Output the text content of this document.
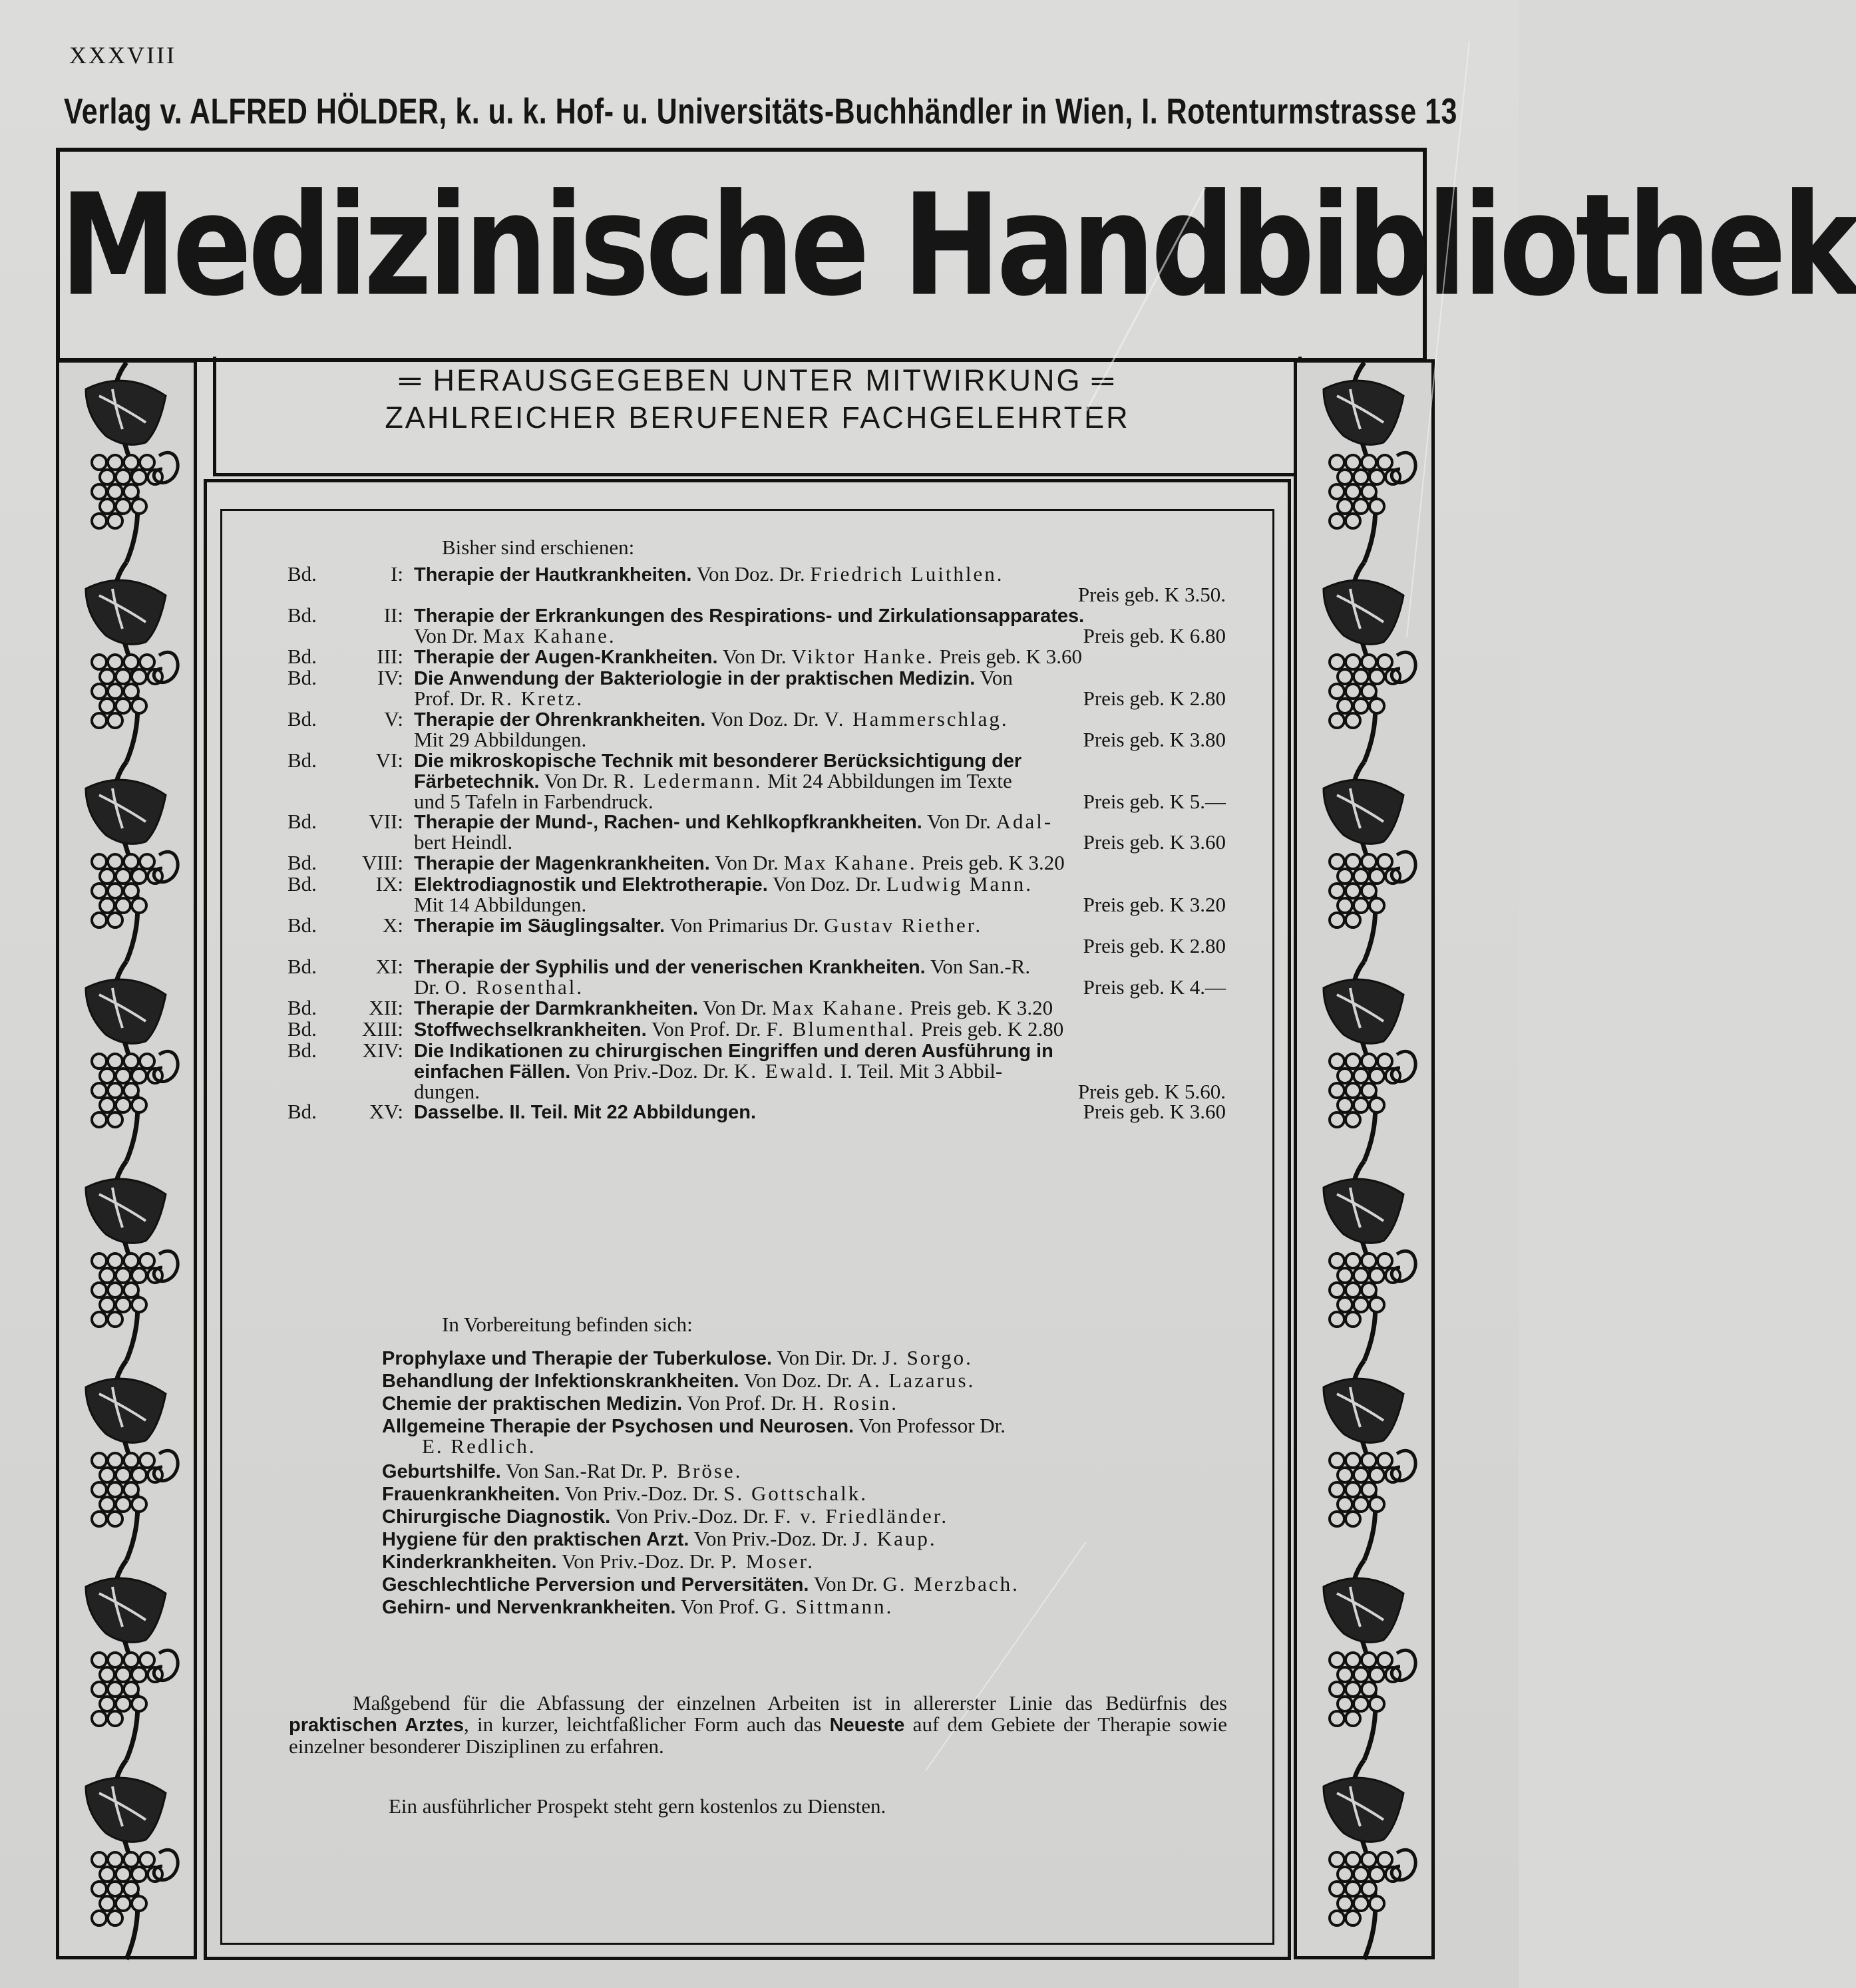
XXXVIII
Verlag v. ALFRED HÖLDER, k. u. k. Hof- u. Universitäts-Buchhändler in Wien, I. Rotenturmstrasse 13
Medizinische Handbibliothek
═ HERAUSGEGEBEN UNTER MITWIRKUNG ═
ZAHLREICHER BERUFENER FACHGELEHRTER
Bisher sind erschienen:
Bd.	I: Therapie der Hautkrankheiten. Von Doz. Dr. Friedrich Luithlen.
Preis geb. K 3.50.

Bd.	II: Therapie der Erkrankungen des Respirations- und Zirkulationsapparates.
Von Dr. Max Kahane.	Preis geb. K 6.80

Bd.	III: Therapie der Augen-Krankheiten. Von Dr. Viktor Hanke. Preis geb. K 3.60
Bd.	IV: Die Anwendung der Bakteriologie in der praktischen Medizin. Von
Prof. Dr. R. Kretz.	Preis geb. K 2.80

Bd.	V: Therapie der Ohrenkrankheiten. Von Doz. Dr. V. Hammerschlag.
Mit 29 Abbildungen.	Preis geb. K 3.80

Bd.	VI: Die mikroskopische Technik mit besonderer Berücksichtigung der
Färbetechnik. Von Dr. R. Ledermann. Mit 24 Abbildungen im Texte
und 5 Tafeln in Farbendruck.	Preis geb. K 5.—
Bd.	VII: Therapie der Mund-, Rachen- und Kehlkopfkrankheiten. Von Dr. Adal-
bert Heindl.	Preis geb. K 3.60

Bd.	VIII: Therapie der Magenkrankheiten. Von Dr. Max Kahane. Preis geb. K 3.20
Bd.	IX: Elektrodiagnostik und Elektrotherapie. Von Doz. Dr. Ludwig Mann.
Mit 14 Abbildungen.	Preis geb. K 3.20

Bd.	X: Therapie im Säuglingsalter. Von Primarius Dr. Gustav Riether.
Preis geb. K 2.80

Bd.	XI: Therapie der Syphilis und der venerischen Krankheiten. Von San.-R.
Dr. O. Rosenthal.	Preis geb. K 4.—

Bd.	XII: Therapie der Darmkrankheiten. Von Dr. Max Kahane. Preis geb. K 3.20
Bd.	XIII: Stoffwechselkrankheiten. Von Prof. Dr. F. Blumenthal. Preis geb. K 2.80
Bd.	XIV: Die Indikationen zu chirurgischen Eingriffen und deren Ausführung in
einfachen Fällen. Von Priv.-Doz. Dr. K. Ewald. I. Teil. Mit 3 Abbil-
dungen.	Preis geb. K 5.60.
Bd.	XV: Dasselbe. II. Teil. Mit 22 Abbildungen.	Preis geb. K 3.60
In Vorbereitung befinden sich:
Prophylaxe und Therapie der Tuberkulose. Von Dir. Dr. J. Sorgo.
Behandlung der Infektionskrankheiten. Von Doz. Dr. A. Lazarus.
Chemie der praktischen Medizin. Von Prof. Dr. H. Rosin.
Allgemeine Therapie der Psychosen und Neurosen. Von Professor Dr.
E. Redlich.
Geburtshilfe. Von San.-Rat Dr. P. Bröse.
Frauenkrankheiten. Von Priv.-Doz. Dr. S. Gottschalk.
Chirurgische Diagnostik. Von Priv.-Doz. Dr. F. v. Friedländer.
Hygiene für den praktischen Arzt. Von Priv.-Doz. Dr. J. Kaup.
Kinderkrankheiten. Von Priv.-Doz. Dr. P. Moser.
Geschlechtliche Perversion und Perversitäten. Von Dr. G. Merzbach.
Gehirn- und Nervenkrankheiten. Von Prof. G. Sittmann.
Maßgebend für die Abfassung der einzelnen Arbeiten ist in allererster Linie das Bedürfnis des praktischen Arztes, in kurzer, leichtfaßlicher Form auch das Neueste auf dem Gebiete der Therapie sowie einzelner besonderer Disziplinen zu erfahren.
Ein ausführlicher Prospekt steht gern kostenlos zu Diensten.
